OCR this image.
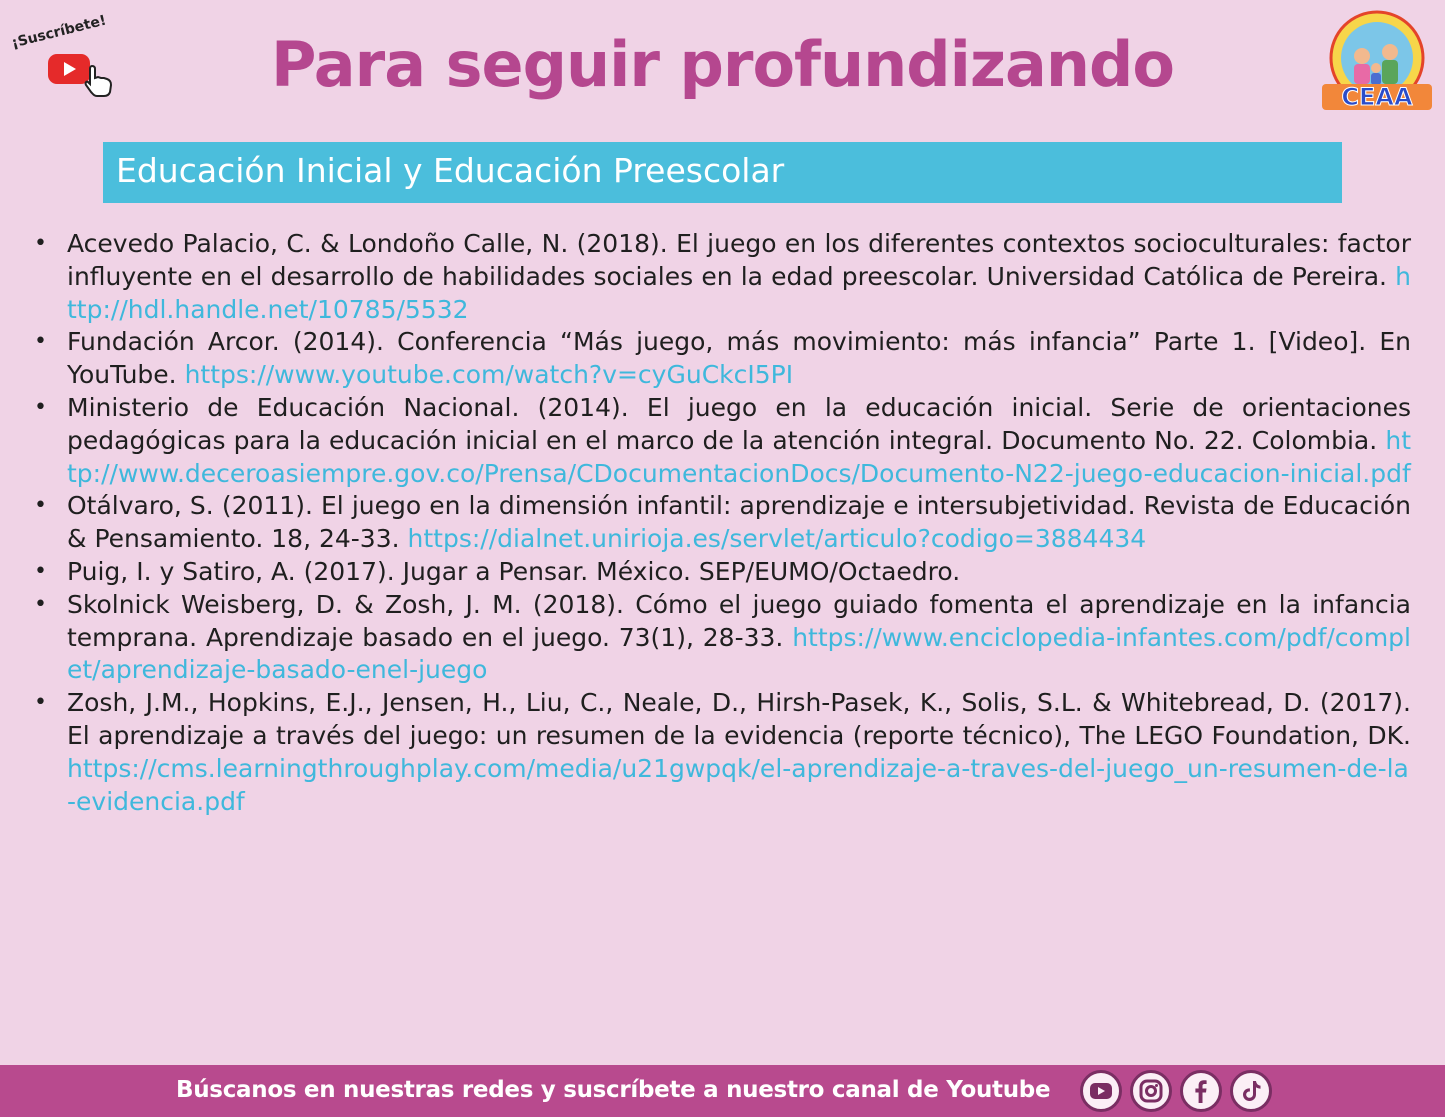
¡Suscríbete!	Para seguir profundizando	CEAA
Educación Inicial y Educación Preescolar
• Acevedo Palacio, C. & Londoño Calle, N. (2018). El juego en los diferentes contextos socioculturales: factor influyente en el desarrollo de habilidades sociales en la edad preescolar. Universidad Católica de Pereira. http://hdl.handle.net/10785/5532
• Fundación Arcor. (2014). Conferencia “Más juego, más movimiento: más infancia” Parte 1. [Video]. En YouTube. https://www.youtube.com/watch?v=cyGuCkcI5PI
• Ministerio de Educación Nacional. (2014). El juego en la educación inicial. Serie de orientaciones pedagógicas para la educación inicial en el marco de la atención integral. Documento No. 22. Colombia. http://www.deceroasiempre.gov.co/Prensa/CDocumentacionDocs/Documento-N22-juego-educacion-inicial.pdf
• Otálvaro, S. (2011). El juego en la dimensión infantil: aprendizaje e intersubjetividad. Revista de Educación & Pensamiento. 18, 24-33. https://dialnet.unirioja.es/servlet/articulo?codigo=3884434
• Puig, I. y Satiro, A. (2017). Jugar a Pensar. México. SEP/EUMO/Octaedro.
• Skolnick Weisberg, D. & Zosh, J. M. (2018). Cómo el juego guiado fomenta el aprendizaje en la infancia temprana. Aprendizaje basado en el juego. 73(1), 28-33. https://www.enciclopedia-infantes.com/pdf/complet/aprendizaje-basado-enel-juego
• Zosh, J.M., Hopkins, E.J., Jensen, H., Liu, C., Neale, D., Hirsh-Pasek, K., Solis, S.L. & Whitebread, D. (2017). El aprendizaje a través del juego: un resumen de la evidencia (reporte técnico), The LEGO Foundation, DK. https://cms.learningthroughplay.com/media/u21gwpqk/el-aprendizaje-a-traves-del-juego_un-resumen-de-la-evidencia.pdf
Búscanos en nuestras redes y suscríbete a nuestro canal de Youtube
